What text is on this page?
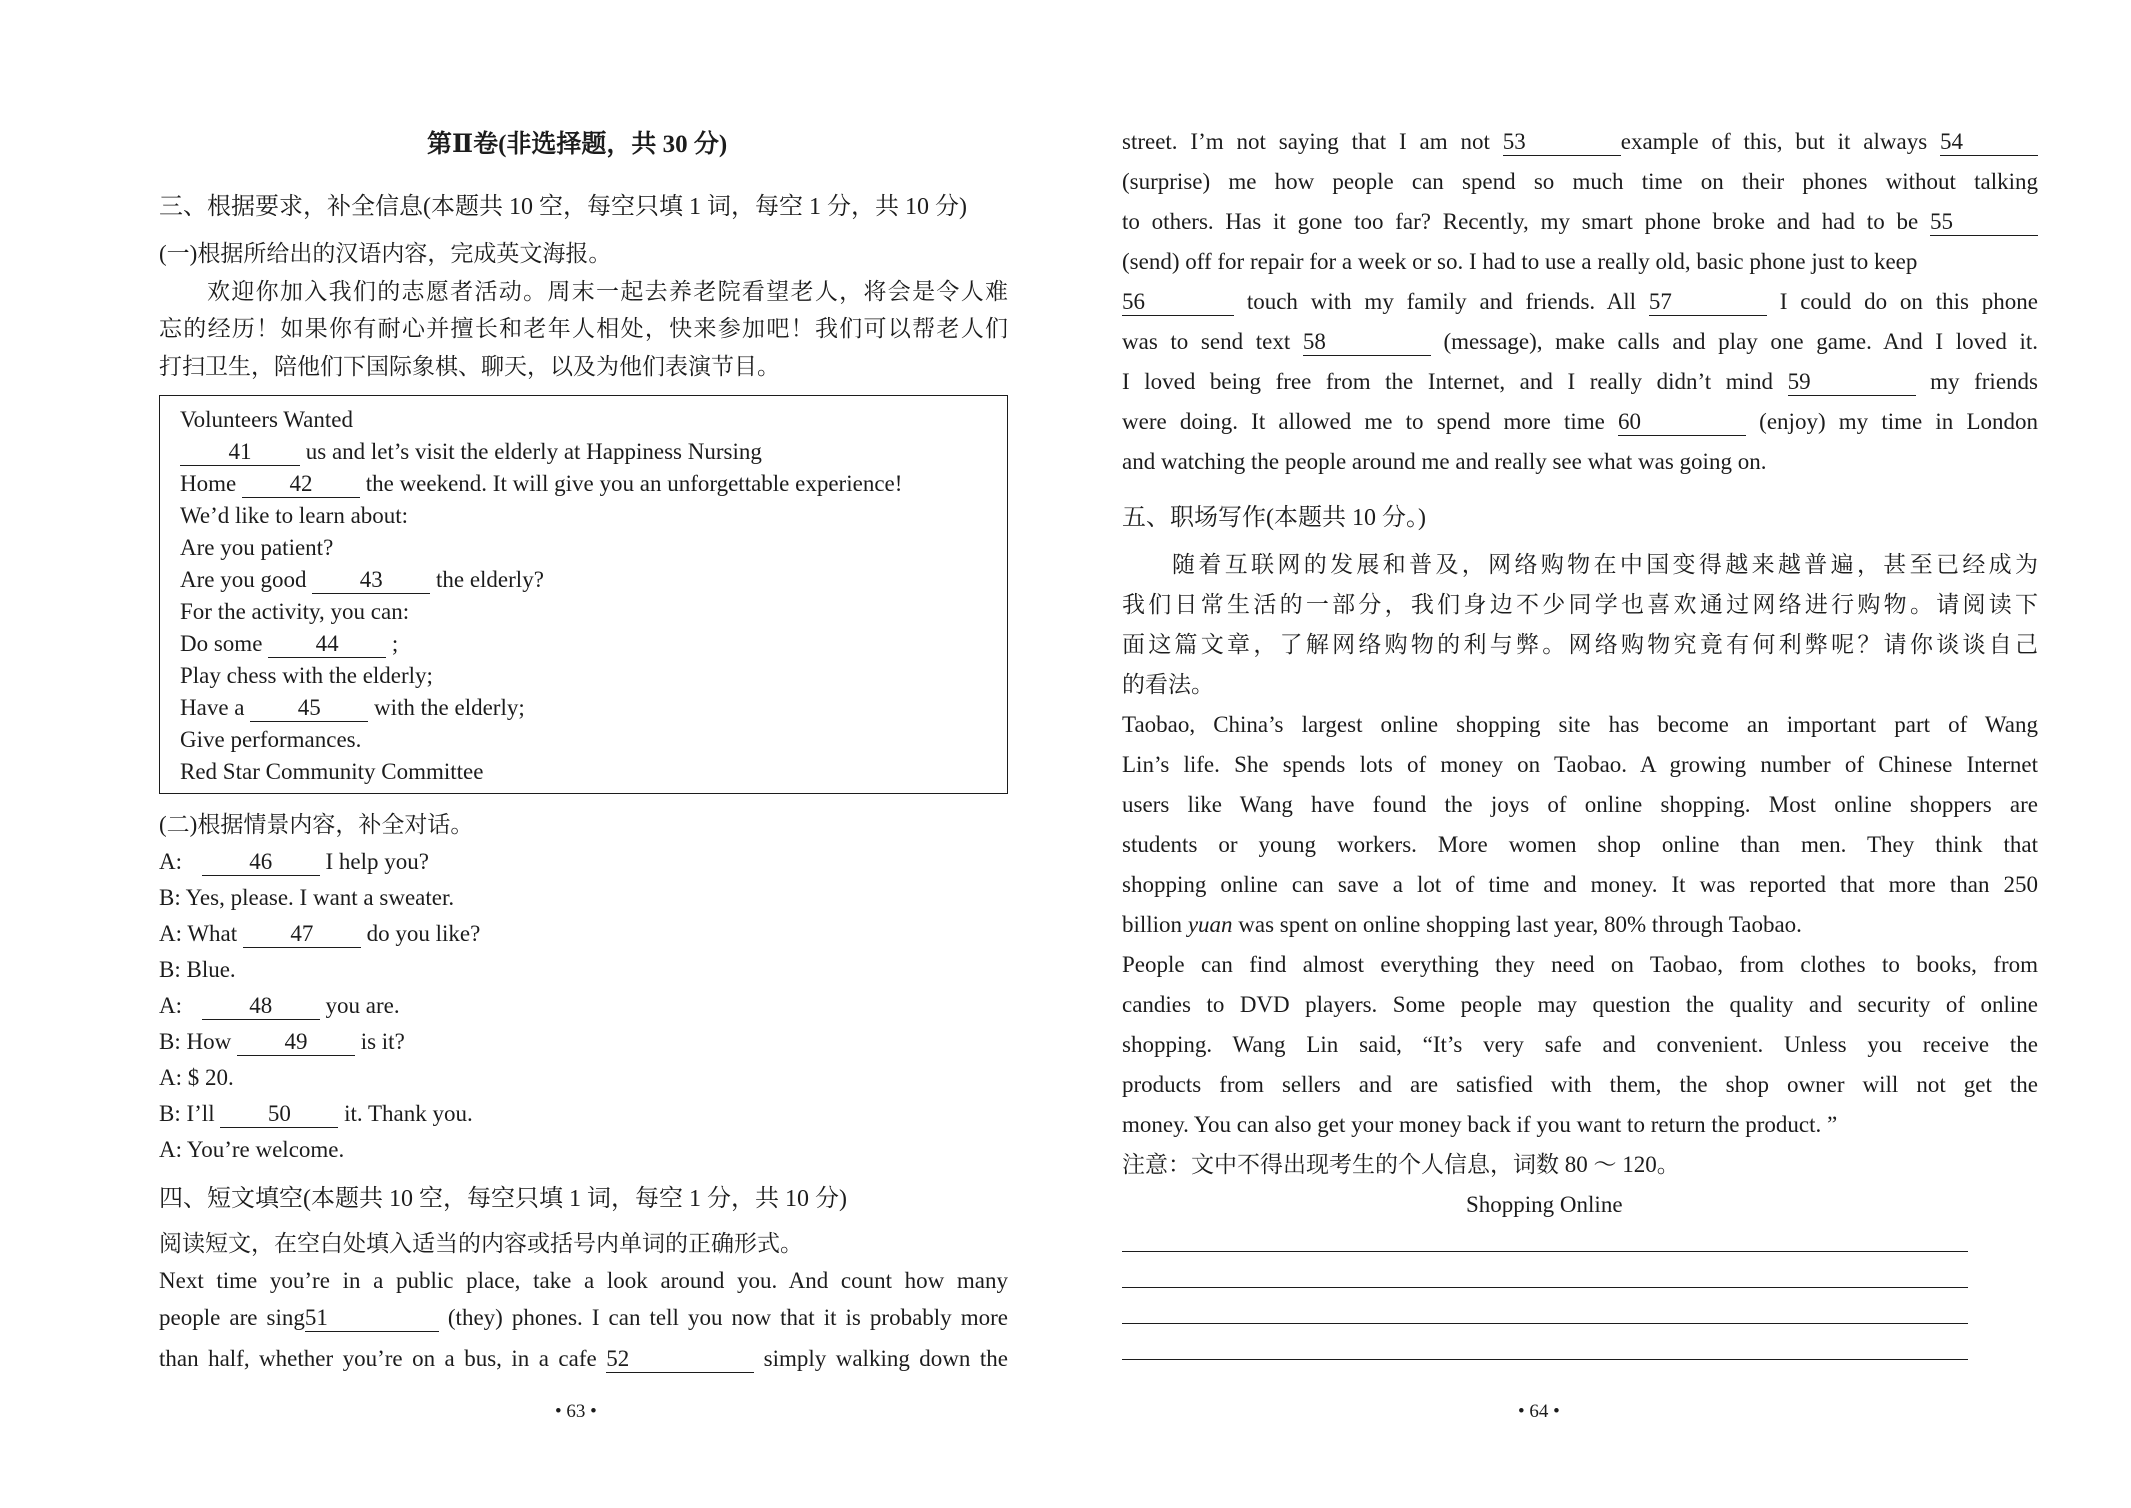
第Ⅱ卷(非选择题，共 30 分)
三、根据要求，补全信息(本题共 10 空，每空只填 1 词，每空 1 分，共 10 分)
(一)根据所给出的汉语内容，完成英文海报。
欢迎你加入我们的志愿者活动。周末一起去养老院看望老人，将会是令人难
忘的经历！如果你有耐心并擅长和老年人相处，快来参加吧！我们可以帮老人们
打扫卫生，陪他们下国际象棋、聊天，以及为他们表演节目。
Volunteers Wanted
41 us and let’s visit the elderly at Happiness Nursing
Home 42 the weekend. It will give you an unforgettable experience!
We’d like to learn about:
Are you patient?
Are you good 43 the elderly?
For the activity, you can:
Do some 44 ;
Play chess with the elderly;
Have a 45 with the elderly;
Give performances.
Red Star Community Committee
(二)根据情景内容，补全对话。
A:	46 I help you?
B: Yes, please. I want a sweater.
A: What 47 do you like?
B: Blue.
A:	48 you are.
B: How 49 is it?
A: $ 20.
B: I’ll 50 it. Thank you.
A: You’re welcome.
四、短文填空(本题共 10 空，每空只填 1 词，每空 1 分，共 10 分)
阅读短文，在空白处填入适当的内容或括号内单词的正确形式。
Next time you’re in a public place, take a look around you. And count how many
people are sing51	(they) phones. I can tell you now that it is probably more
than half, whether you’re on a bus, in a cafe 52	simply walking down the
• 63 •
street. I’m not saying that I am not 53	example of this, but it always 54
(surprise) me how people can spend so much time on their phones without talking
to others. Has it gone too far? Recently, my smart phone broke and had to be 55
(send) off for repair for a week or so. I had to use a really old, basic phone just to keep
56	touch with my family and friends. All 57	I could do on this phone
was to send text 58	(message), make calls and play one game. And I loved it.
I loved being free from the Internet, and I really didn’t mind 59	my friends
were doing. It allowed me to spend more time 60	(enjoy) my time in London
and watching the people around me and really see what was going on.
五、职场写作(本题共 10 分。)
随着互联网的发展和普及，网络购物在中国变得越来越普遍，甚至已经成为
我们日常生活的一部分，我们身边不少同学也喜欢通过网络进行购物。请阅读下
面这篇文章，了解网络购物的利与弊。网络购物究竟有何利弊呢？请你谈谈自己
的看法。
Taobao, China’s largest online shopping site has become an important part of Wang
Lin’s life. She spends lots of money on Taobao. A growing number of Chinese Internet
users like Wang have found the joys of online shopping. Most online shoppers are
students or young workers. More women shop online than men. They think that
shopping online can save a lot of time and money. It was reported that more than 250
billion yuan was spent on online shopping last year, 80% through Taobao.
People can find almost everything they need on Taobao, from clothes to books, from
candies to DVD players. Some people may question the quality and security of online
shopping. Wang Lin said, “It’s very safe and convenient. Unless you receive the
products from sellers and are satisfied with them, the shop owner will not get the
money. You can also get your money back if you want to return the product. ”
注意：文中不得出现考生的个人信息，词数 80 ～ 120。
Shopping Online
• 64 •
